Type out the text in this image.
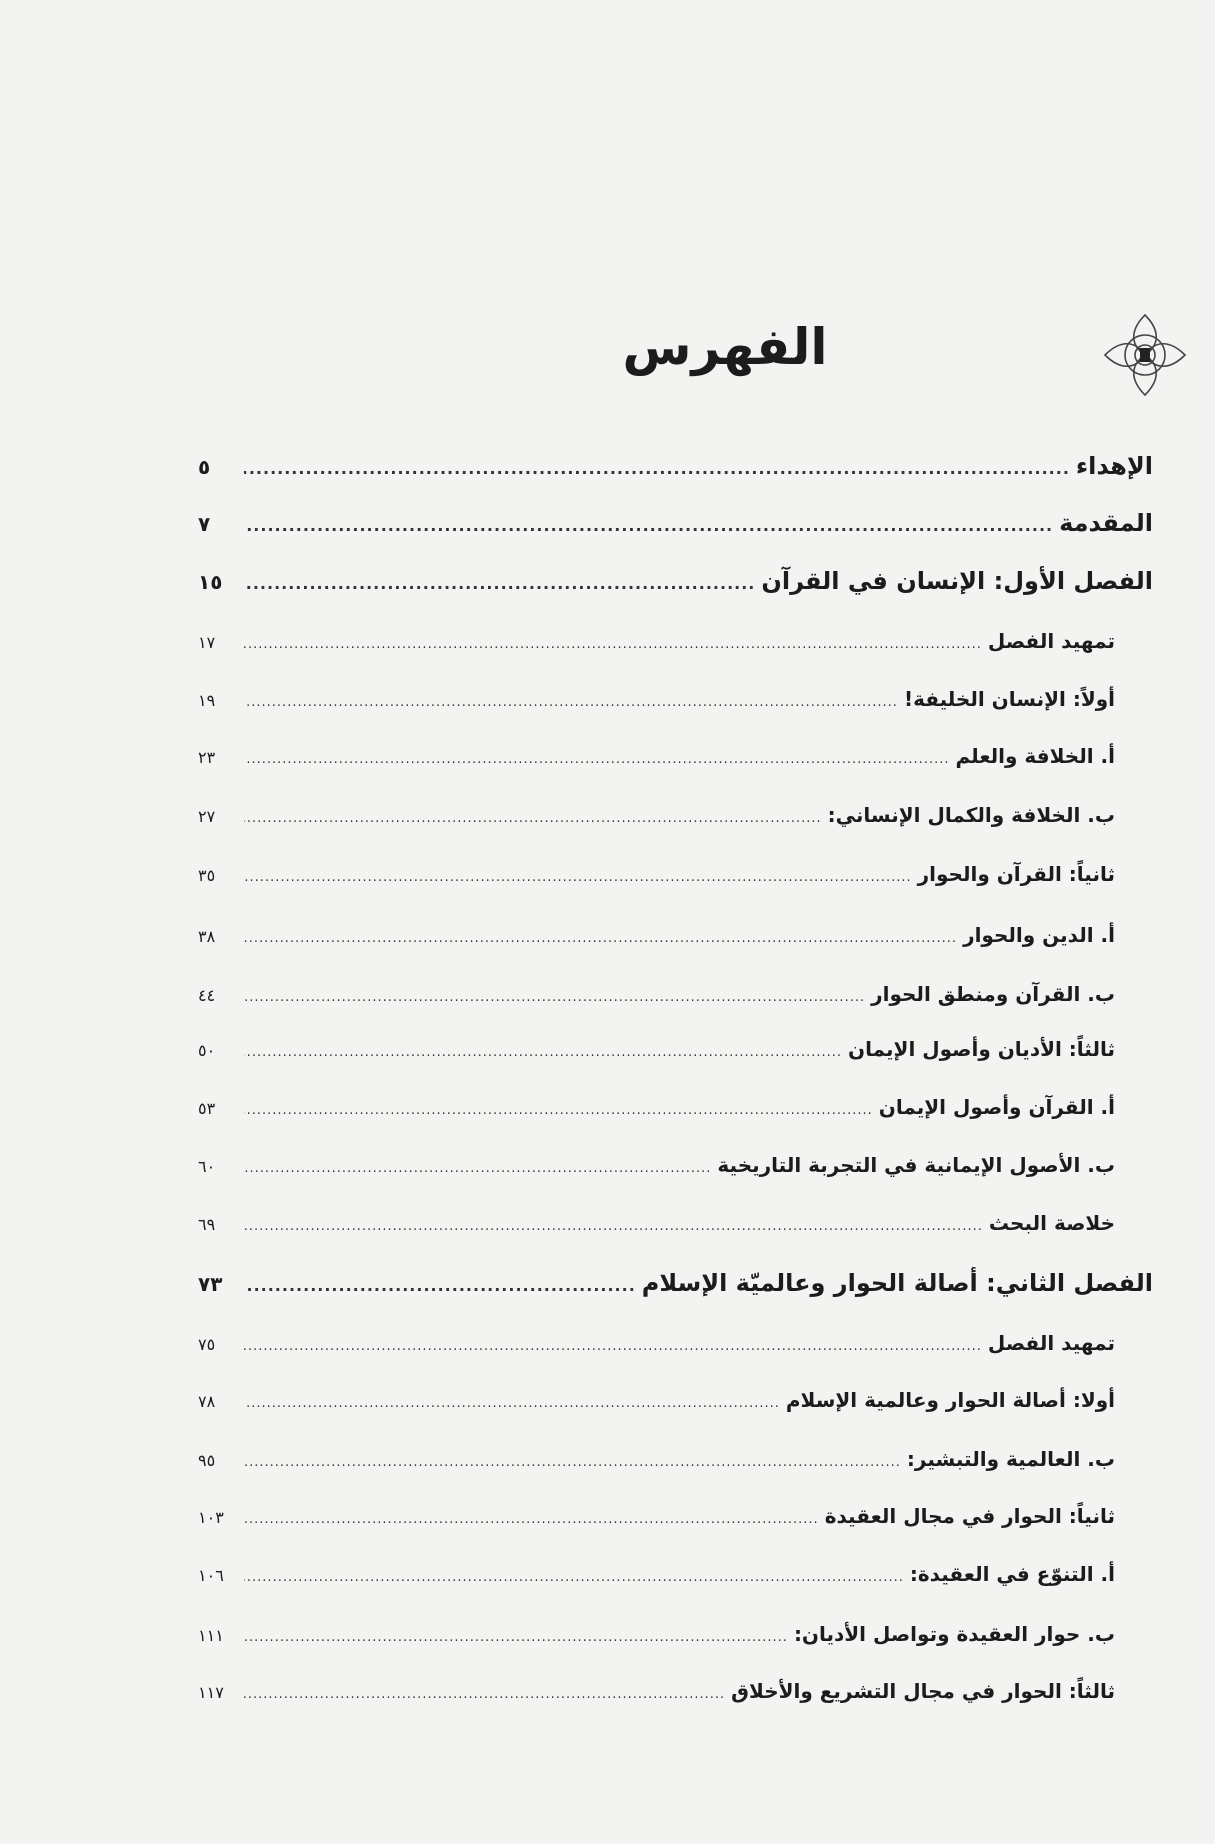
الفهرس
الإهداء
.....
٥
المقدمة
.....
٧
الفصل الأول: الإنسان في القرآن
.....
١٥
تمهيد الفصل
.....
١٧
أولاً: الإنسان الخليفة!
.....
١٩
أ. الخلافة والعلم
.....
٢٣
ب. الخلافة والكمال الإنساني:
.....
٢٧
ثانياً: القرآن والحوار
.....
٣٥
أ. الدين والحوار
.....
٣٨
ب. القرآن ومنطق الحوار
.....
٤٤
ثالثاً: الأديان وأصول الإيمان
.....
٥٠
أ. القرآن وأصول الإيمان
.....
٥٣
ب. الأصول الإيمانية في التجربة التاريخية
.....
٦٠
خلاصة البحث
.....
٦٩
الفصل الثاني: أصالة الحوار وعالميّة الإسلام
.....
٧٣
تمهيد الفصل
.....
٧٥
أولا: أصالة الحوار وعالمية الإسلام
.....
٧٨
ب. العالمية والتبشير:
.....
٩٥
ثانياً: الحوار في مجال العقيدة
.....
١٠٣
أ. التنوّع في العقيدة:
.....
١٠٦
ب. حوار العقيدة وتواصل الأديان:
.....
١١١
ثالثاً: الحوار في مجال التشريع والأخلاق
.....
١١٧
